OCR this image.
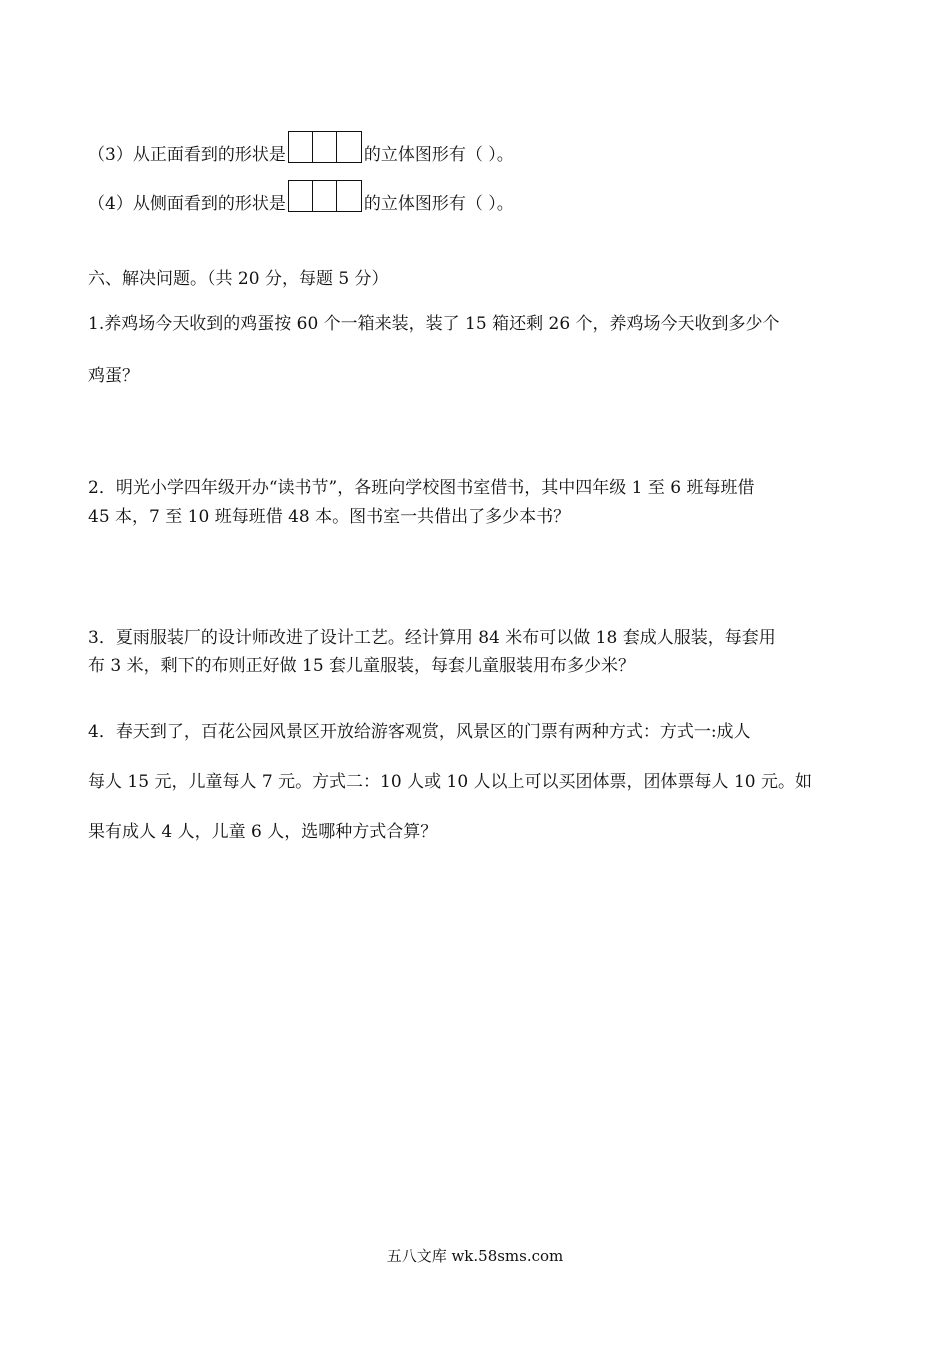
（3）从正面看到的形状是	的立体图形有（ ）。
（4）从侧面看到的形状是	的立体图形有（ ）。
六、解决问题。（共 20 分，每题 5 分）
1.养鸡场今天收到的鸡蛋按 60 个一箱来装，装了 15 箱还剩 26 个，养鸡场今天收到多少个
鸡蛋？
2．明光小学四年级开办“读书节”，各班向学校图书室借书，其中四年级 1 至 6 班每班借
45 本，7 至 10 班每班借 48 本。图书室一共借出了多少本书？
3．夏雨服装厂的设计师改进了设计工艺。经计算用 84 米布可以做 18 套成人服装，每套用
布 3 米，剩下的布则正好做 15 套儿童服装，每套儿童服装用布多少米？
4．春天到了，百花公园风景区开放给游客观赏，风景区的门票有两种方式：方式一:成人
每人 15 元，儿童每人 7 元。方式二：10 人或 10 人以上可以买团体票，团体票每人 10 元。如
果有成人 4 人，儿童 6 人，选哪种方式合算？
五八文库 wk.58sms.com
